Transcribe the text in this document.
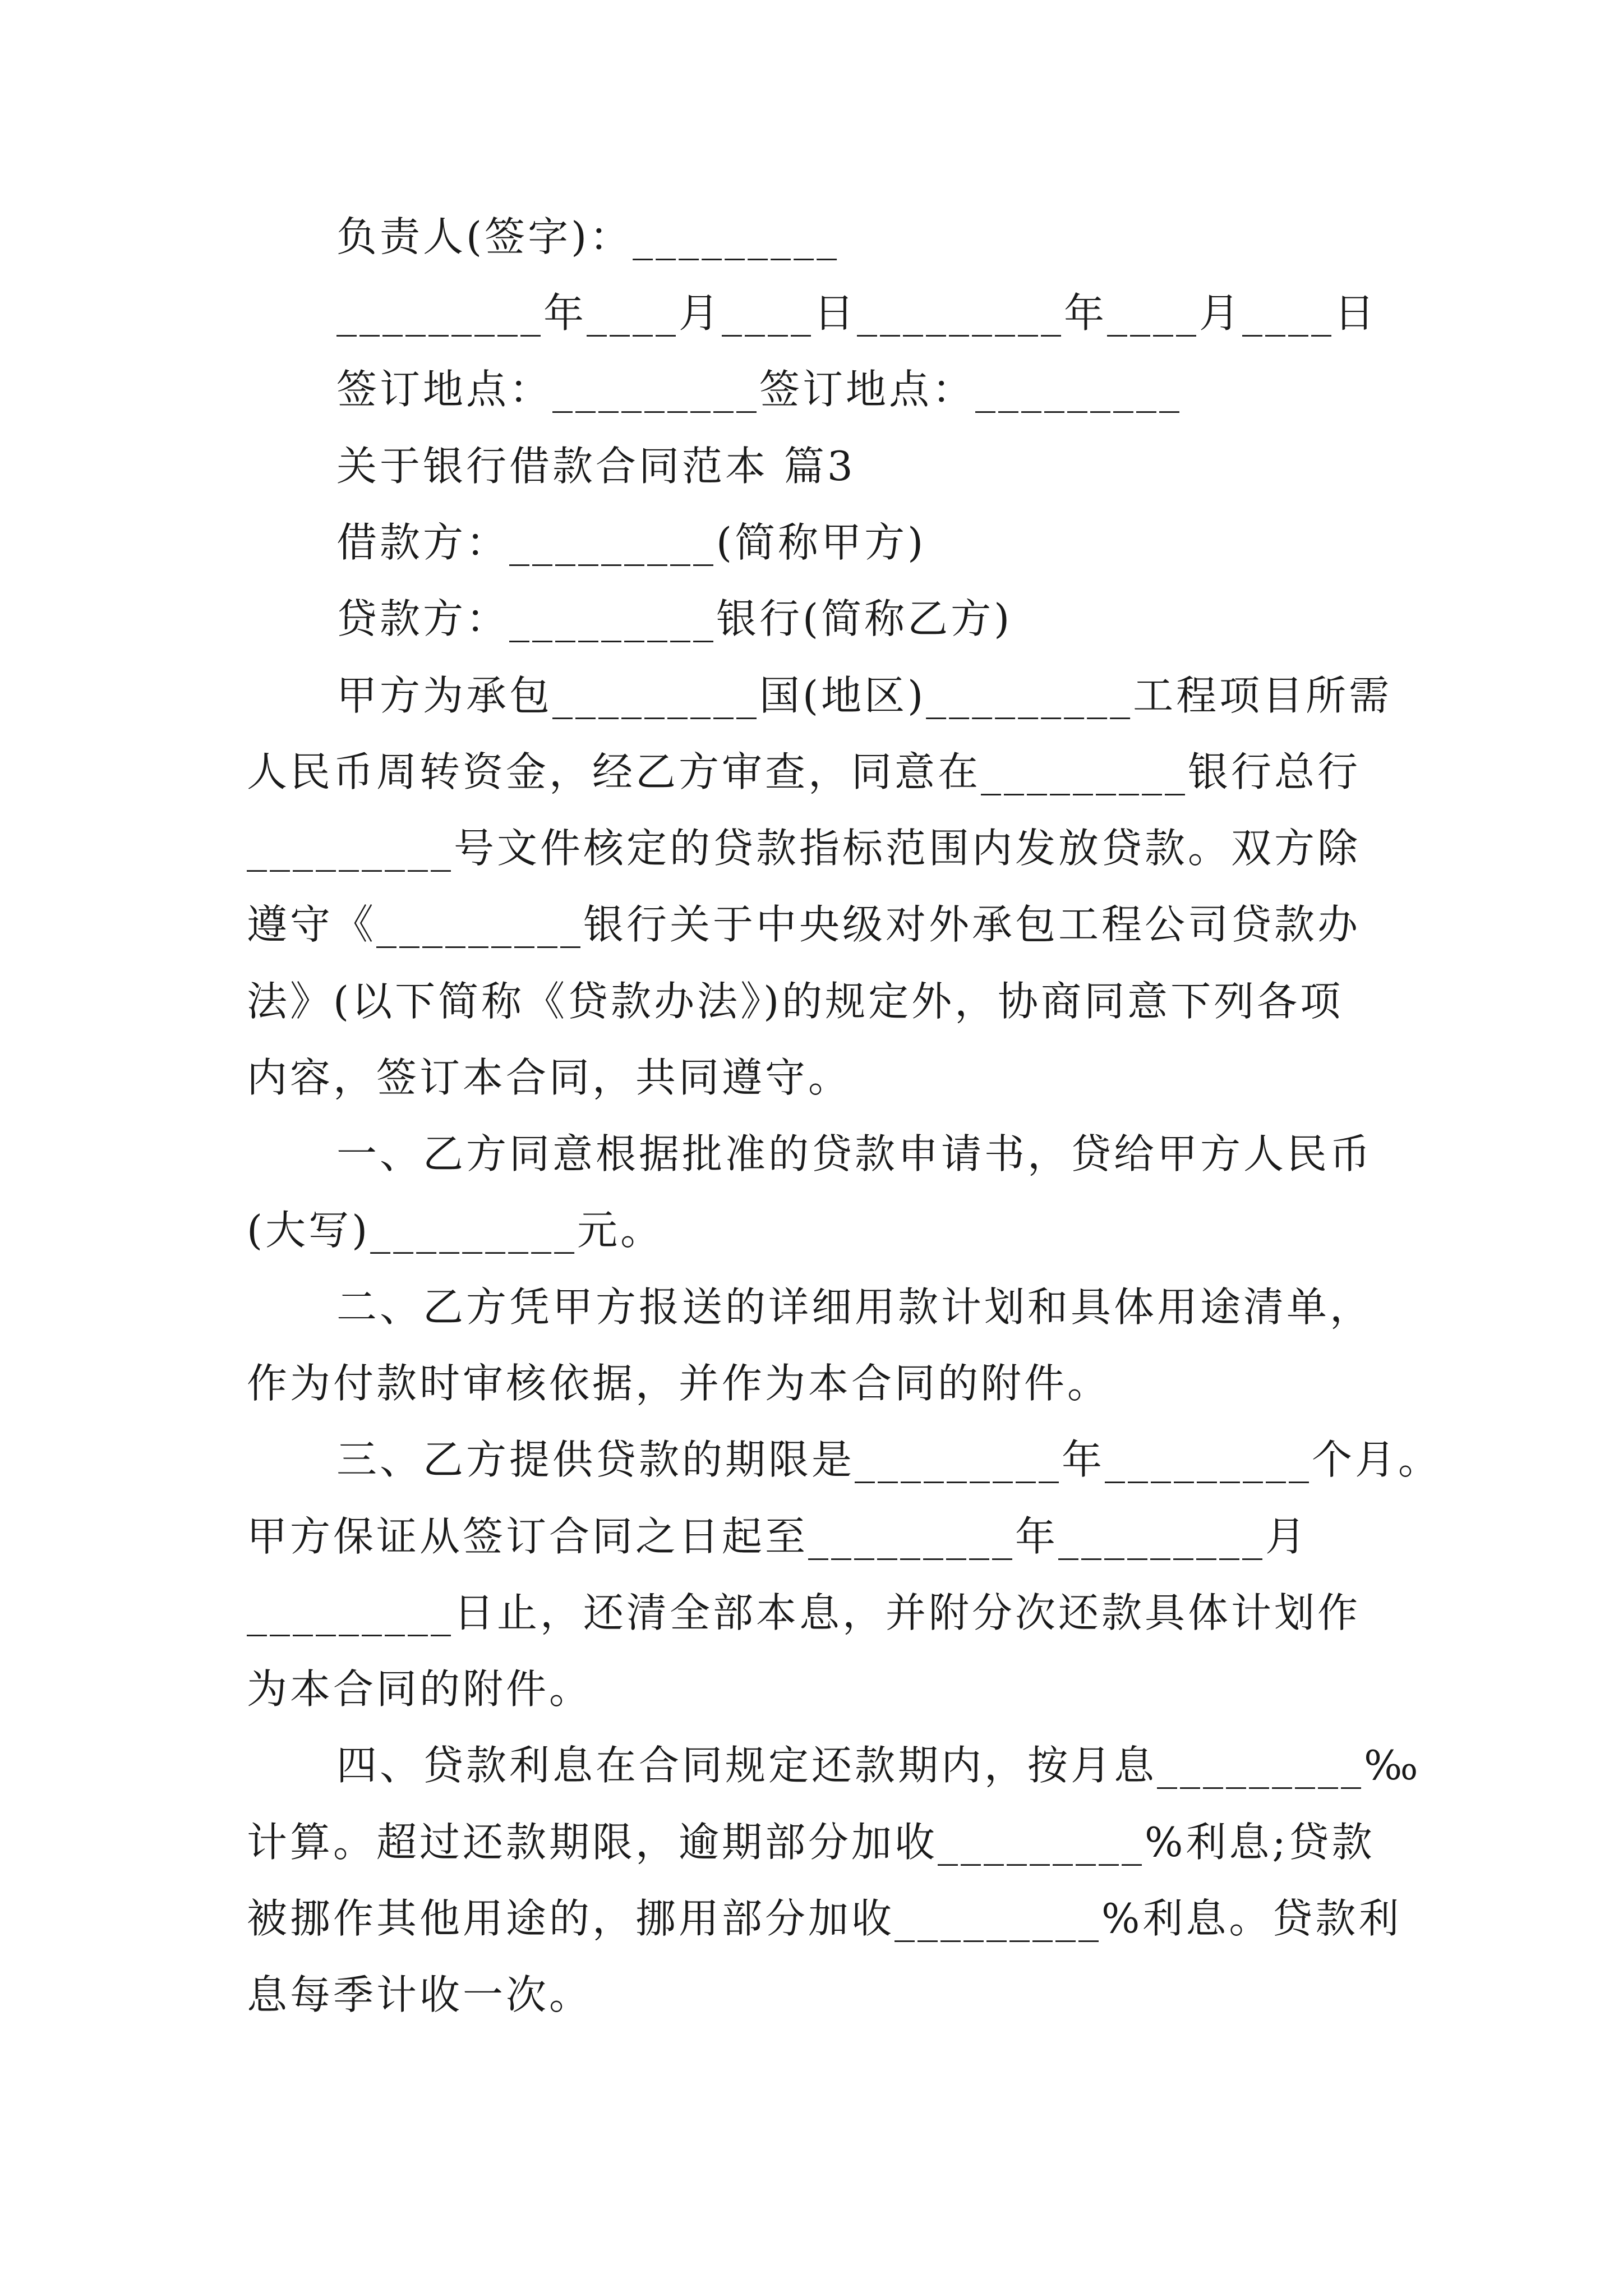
负责人(签字)：_________
_________年____月____日_________年____月____日
签订地点：_________签订地点：_________
关于银行借款合同范本 篇3
借款方：_________(简称甲方)
贷款方：_________银行(简称乙方)
甲方为承包_________国(地区)_________工程项目所需
人民币周转资金，经乙方审查，同意在_________银行总行
_________号文件核定的贷款指标范围内发放贷款。双方除
遵守《_________银行关于中央级对外承包工程公司贷款办
法》(以下简称《贷款办法》)的规定外，协商同意下列各项
内容，签订本合同，共同遵守。
一、乙方同意根据批准的贷款申请书，贷给甲方人民币
(大写)_________元。
二、乙方凭甲方报送的详细用款计划和具体用途清单，
作为付款时审核依据，并作为本合同的附件。
三、乙方提供贷款的期限是_________年_________个月。
甲方保证从签订合同之日起至_________年_________月
_________日止，还清全部本息，并附分次还款具体计划作
为本合同的附件。
四、贷款利息在合同规定还款期内，按月息_________‰
计算。超过还款期限，逾期部分加收_________%利息;贷款
被挪作其他用途的，挪用部分加收_________%利息。贷款利
息每季计收一次。
